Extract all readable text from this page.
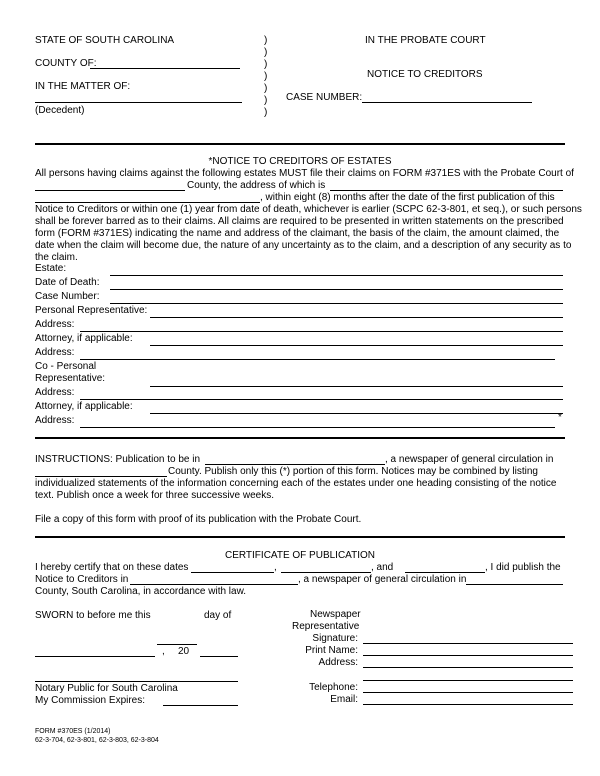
STATE OF SOUTH CAROLINA
COUNTY OF:
IN THE MATTER OF:
(Decedent)
)
)
)
)
)
)
)
IN THE PROBATE COURT
NOTICE TO CREDITORS
CASE NUMBER:
*NOTICE TO CREDITORS OF ESTATES
All persons having claims against the following estates MUST file their claims on FORM #371ES with the Probate Court of
County, the address of which is
, within eight (8) months after the date of the first publication of this
Notice to Creditors or within one (1) year from date of death, whichever is earlier (SCPC 62-3-801, et seq.), or such persons
shall be forever barred as to their claims. All claims are required to be presented in written statements on the prescribed
form (FORM #371ES) indicating the name and address of the claimant, the basis of the claim, the amount claimed, the
date when the claim will become due, the nature of any uncertainty as to the claim, and a description of any security as to
the claim.
Estate:
Date of Death:
Case Number:
Personal Representative:
Address:
Attorney, if applicable:
Address:
Co - Personal
Representative:
Address:
Attorney, if applicable:
Address:	*
INSTRUCTIONS: Publication to be in	, a newspaper of general circulation in
County. Publish only this (*) portion of this form. Notices may be combined by listing
individualized statements of the information concerning each of the estates under one heading consisting of the notice
text. Publish once a week for three successive weeks.
File a copy of this form with proof of its publication with the Probate Court.
CERTIFICATE OF PUBLICATION
I hereby certify that on these dates	,	, and	, I did publish the
Notice to Creditors in	, a newspaper of general circulation in
County, South Carolina, in accordance with law.
SWORN to before me this	day of
, 20
Notary Public for South Carolina
My Commission Expires:
Newspaper
Representative
Signature:
Print Name:
Address:
Telephone:
Email:
FORM #370ES (1/2014)
62-3-704, 62-3-801, 62-3-803, 62-3-804
